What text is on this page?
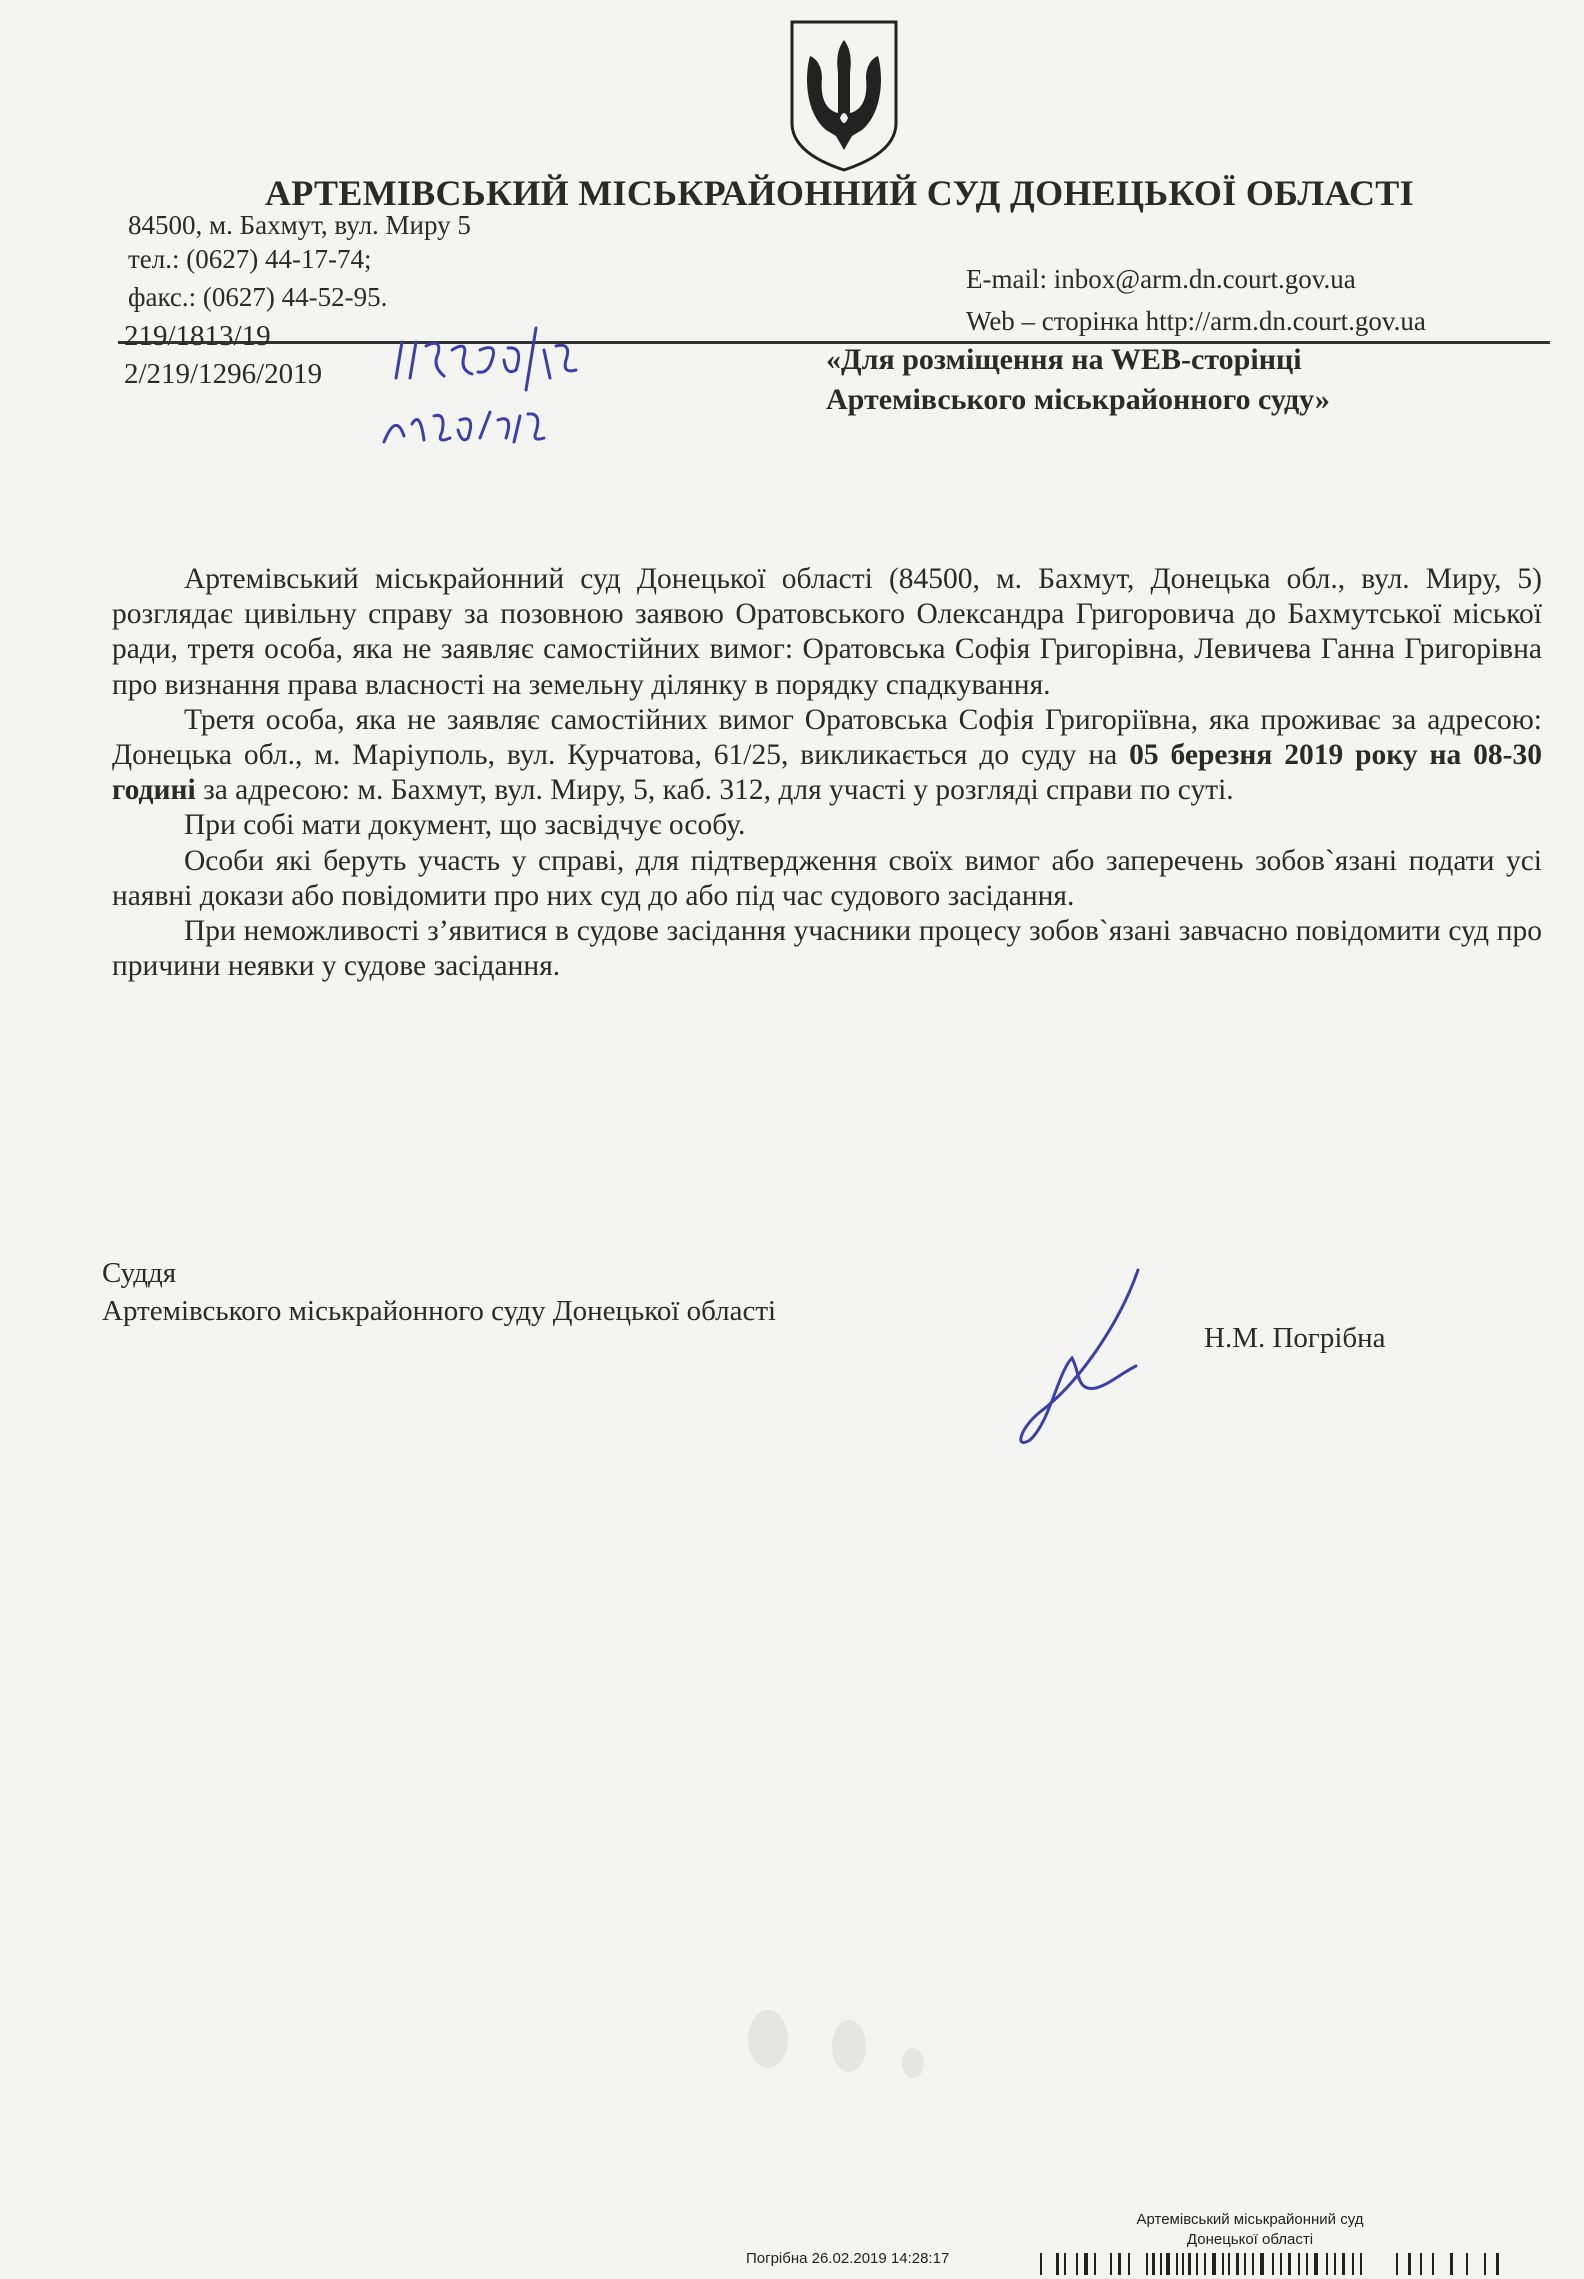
АРТЕМІВСЬКИЙ МІСЬКРАЙОННИЙ СУД ДОНЕЦЬКОЇ ОБЛАСТІ
84500, м. Бахмут, вул. Миру 5
тел.: (0627) 44-17-74;
факс.: (0627) 44-52-95.
E-mail: inbox@arm.dn.court.gov.ua
Web – сторінка http://arm.dn.court.gov.ua
219/1813/19
2/219/1296/2019	«Для розміщення на WEB-сторінці
Артемівського міськрайонного суду»

Артемівський міськрайонний суд Донецької області (84500, м. Бахмут, Донецька обл., вул. Миру, 5) розглядає цивільну справу за позовною заявою Оратовського Олександра Григоровича до Бахмутської міської ради, третя особа, яка не заявляє самостійних вимог: Оратовська Софія Григорівна, Левичева Ганна Григорівна про визнання права власності на земельну ділянку в порядку спадкування.

Третя особа, яка не заявляє самостійних вимог Оратовська Софія Григоріївна, яка проживає за адресою: Донецька обл., м. Маріуполь, вул. Курчатова, 61/25, викликається до суду на 05 березня 2019 року на 08-30 годині за адресою: м. Бахмут, вул. Миру, 5, каб. 312, для участі у розгляді справи по суті.

При собі мати документ, що засвідчує особу.

Особи які беруть участь у справі, для підтвердження своїх вимог або заперечень зобов`язані подати усі наявні докази або повідомити про них суд до або під час судового засідання.

При неможливості з’явитися в судове засідання учасники процесу зобов`язані завчасно повідомити суд про причини неявки у судове засідання.

Суддя
Артемівського міськрайонного суду Донецької області
Н.М. Погрібна
Артемівський міськрайонний суд
Донецької області
Погрібна 26.02.2019 14:28:17
